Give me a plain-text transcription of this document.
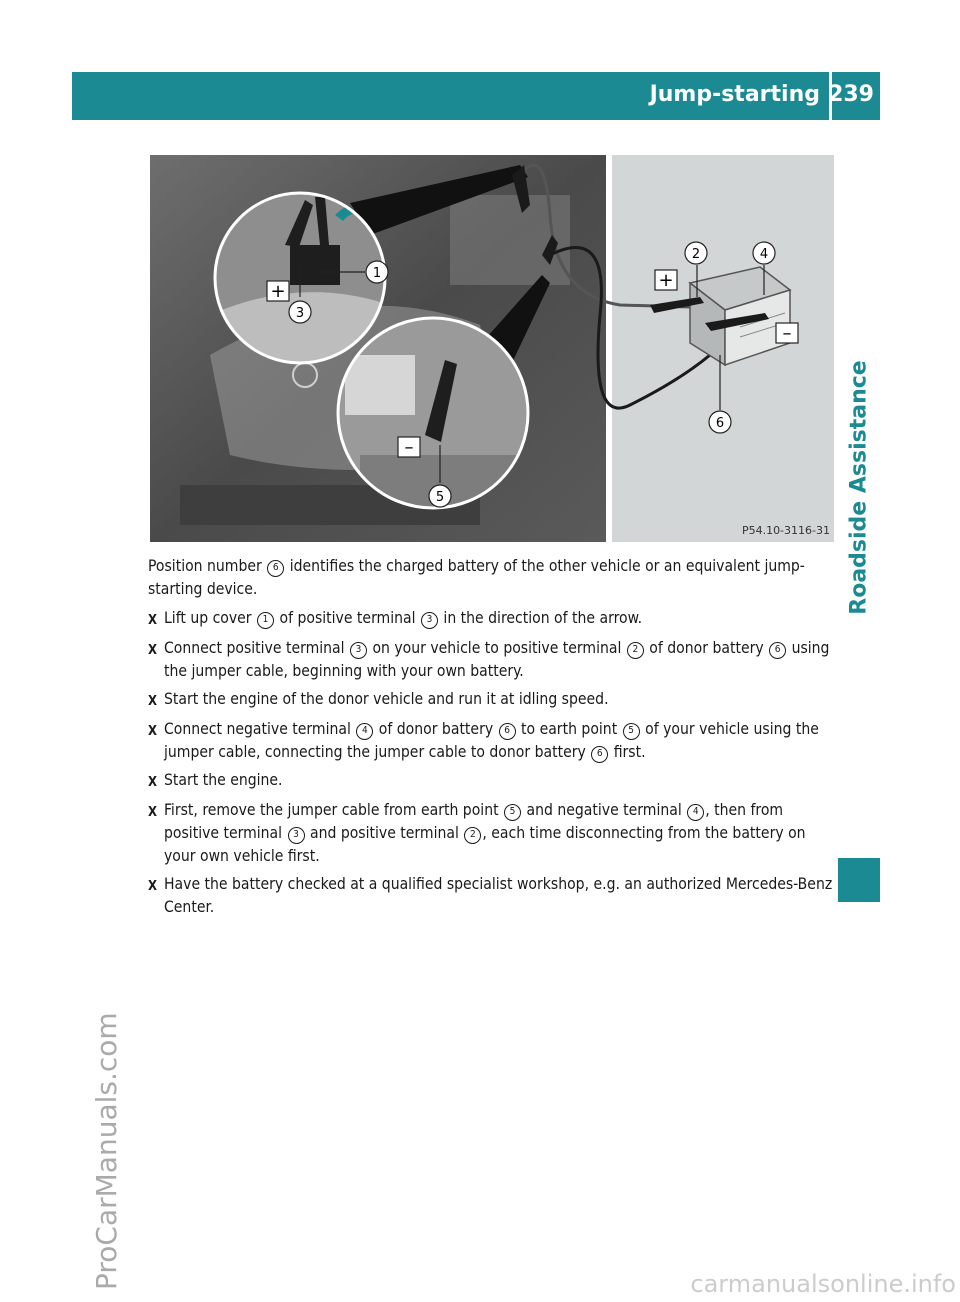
Jump-starting 239
Roadside Assistance
ProCarManuals.com	carmanualsonline.info
+
–
+
–
1
2
3
4
5
6
P54.10-3116-31

Position number 6 identifies the charged battery of the other vehicle or an equivalent jump-starting device.

X Lift up cover 1 of positive terminal 3 in the direction of the arrow.
X Connect positive terminal 3 on your vehicle to positive terminal 2 of donor battery 6 using the jumper cable, beginning with your own battery.
X Start the engine of the donor vehicle and run it at idling speed.
X Connect negative terminal 4 of donor battery 6 to earth point 5 of your vehicle using the jumper cable, connecting the jumper cable to donor battery 6 first.
X Start the engine.
X First, remove the jumper cable from earth point 5 and negative terminal 4 , then from positive terminal 3 and positive terminal 2 , each time disconnecting from the battery on your own vehicle first.
X Have the battery checked at a qualified specialist workshop, e.g. an authorized Mercedes-Benz Center.
